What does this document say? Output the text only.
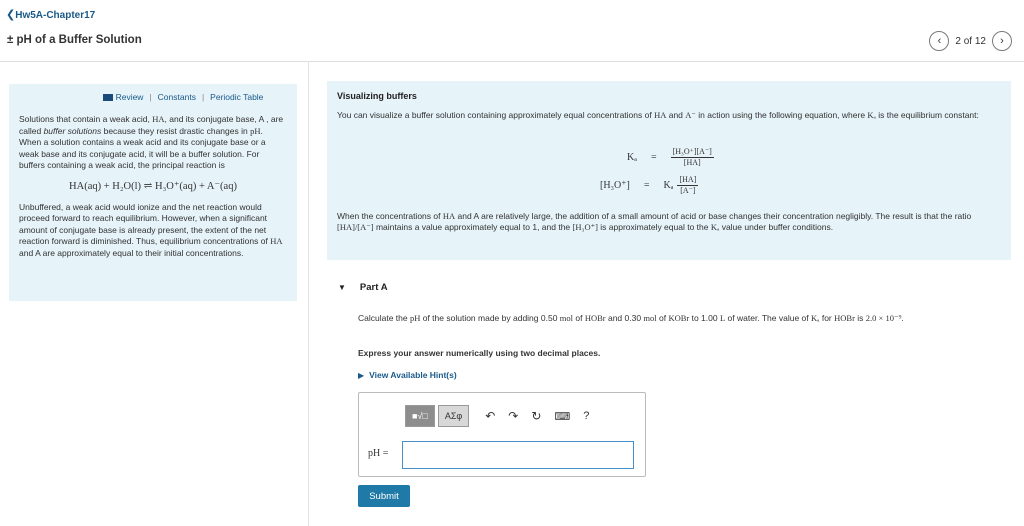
❮Hw5A-Chapter17
± pH of a Buffer Solution	‹ 2 of 12 ›
Review | Constants | Periodic Table
Solutions that contain a weak acid, HA, and its conjugate base, A , are called buffer solutions because they resist drastic changes in pH. When a solution contains a weak acid and its conjugate base or a weak base and its conjugate acid, it will be a buffer solution. For buffers containing a weak acid, the principal reaction is
HA(aq) + H₂O(l) ⇌ H₃O⁺(aq) + A⁻(aq)
Unbuffered, a weak acid would ionize and the net reaction would proceed forward to reach equilibrium. However, when a significant amount of conjugate base is already present, the extent of the net reaction forward is diminished. Thus, equilibrium concentrations of HA and A are approximately equal to their initial concentrations.
Visualizing buffers
You can visualize a buffer solution containing approximately equal concentrations of HA and A⁻ in action using the following equation, where Kₐ is the equilibrium constant:
$K_a = \frac{\text{[H₃O⁺][A⁻]}}{[HA]}$
[H₃O⁺] = Kₐ $\frac{[HA]}{[A^-]}$
When the concentrations of HA and A are relatively large, the addition of a small amount of acid or base changes their concentration negligibly. The result is that the ratio [HA]/[A⁻] maintains a value approximately equal to 1, and the [H₃O⁺] is approximately equal to the Kₐ value under buffer conditions.
▼ Part A
Calculate the pH of the solution made by adding 0.50 mol of HOBr and 0.30 mol of KOBr to 1.00 L of water. The value of Kₐ for HOBr is 2.0 × 10⁻⁹.
Express your answer numerically using two decimal places.
▶ View Available Hint(s)
■√□	ΑΣφ	↶ ↷ ↻ ⌨ ?
pH =
Submit
